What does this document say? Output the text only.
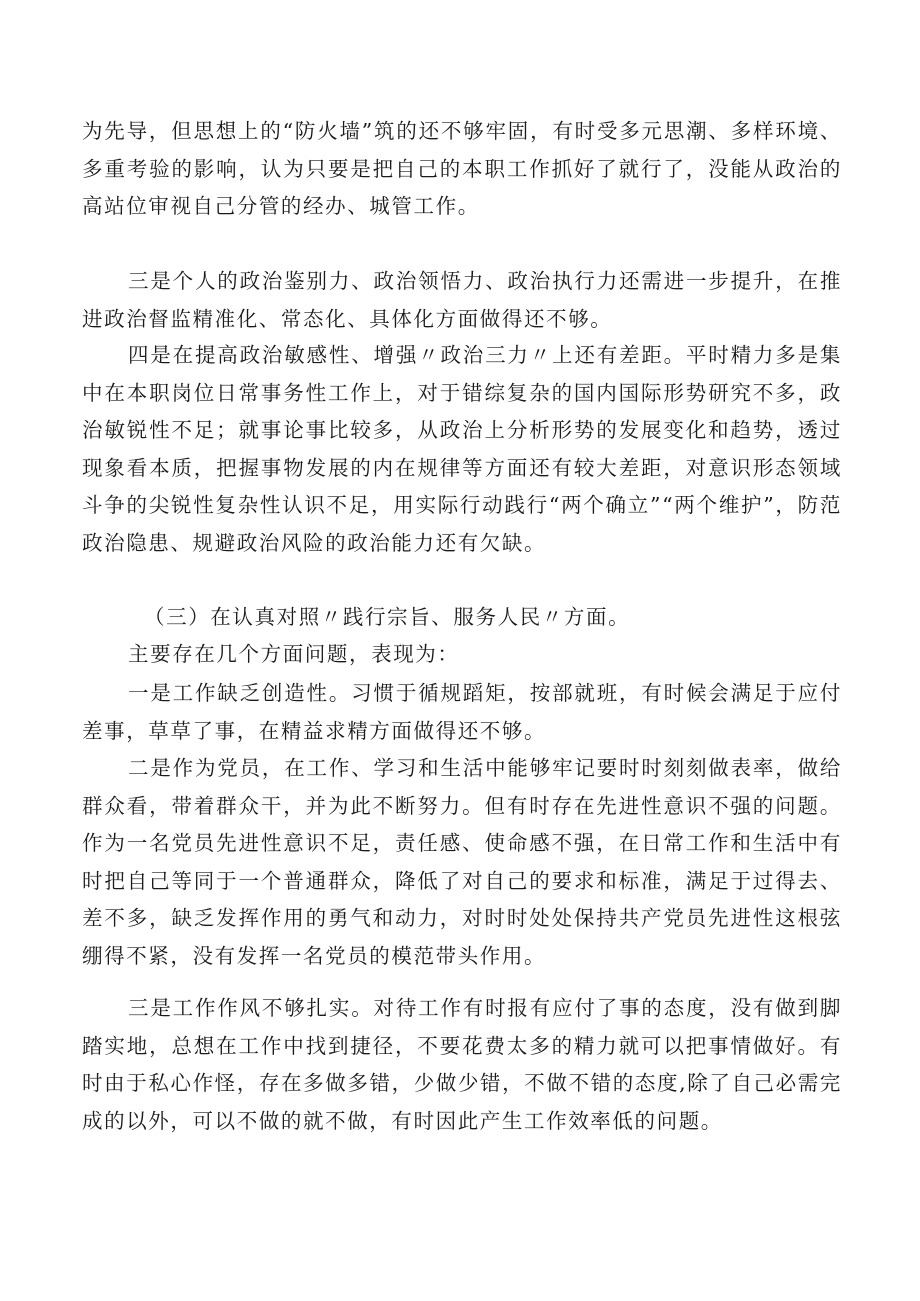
为先导，但思想上的“防火墙”筑的还不够牢固，有时受多元思潮、多样环境、多重考验的影响，认为只要是把自己的本职工作抓好了就行了，没能从政治的高站位审视自己分管的经办、城管工作。

三是个人的政治鉴别力、政治领悟力、政治执行力还需进一步提升，在推进政治督监精准化、常态化、具体化方面做得还不够。

四是在提高政治敏感性、增强〃政治三力〃上还有差距。平时精力多是集中在本职岗位日常事务性工作上，对于错综复杂的国内国际形势研究不多，政治敏锐性不足；就事论事比较多，从政治上分析形势的发展变化和趋势，透过现象看本质，把握事物发展的内在规律等方面还有较大差距，对意识形态领域斗争的尖锐性复杂性认识不足，用实际行动践行“两个确立”“两个维护”，防范政治隐患、规避政治风险的政治能力还有欠缺。

（三）在认真对照〃践行宗旨、服务人民〃方面。

主要存在几个方面问题，表现为：

一是工作缺乏创造性。习惯于循规蹈矩，按部就班，有时候会满足于应付差事，草草了事，在精益求精方面做得还不够。

二是作为党员，在工作、学习和生活中能够牢记要时时刻刻做表率，做给群众看，带着群众干，并为此不断努力。但有时存在先进性意识不强的问题。作为一名党员先进性意识不足，责任感、使命感不强，在日常工作和生活中有时把自己等同于一个普通群众，降低了对自己的要求和标准，满足于过得去、差不多，缺乏发挥作用的勇气和动力，对时时处处保持共产党员先进性这根弦绷得不紧，没有发挥一名党员的模范带头作用。

三是工作作风不够扎实。对待工作有时报有应付了事的态度，没有做到脚踏实地，总想在工作中找到捷径，不要花费太多的精力就可以把事情做好。有时由于私心作怪，存在多做多错，少做少错，不做不错的态度,除了自己必需完成的以外，可以不做的就不做，有时因此产生工作效率低的问题。
